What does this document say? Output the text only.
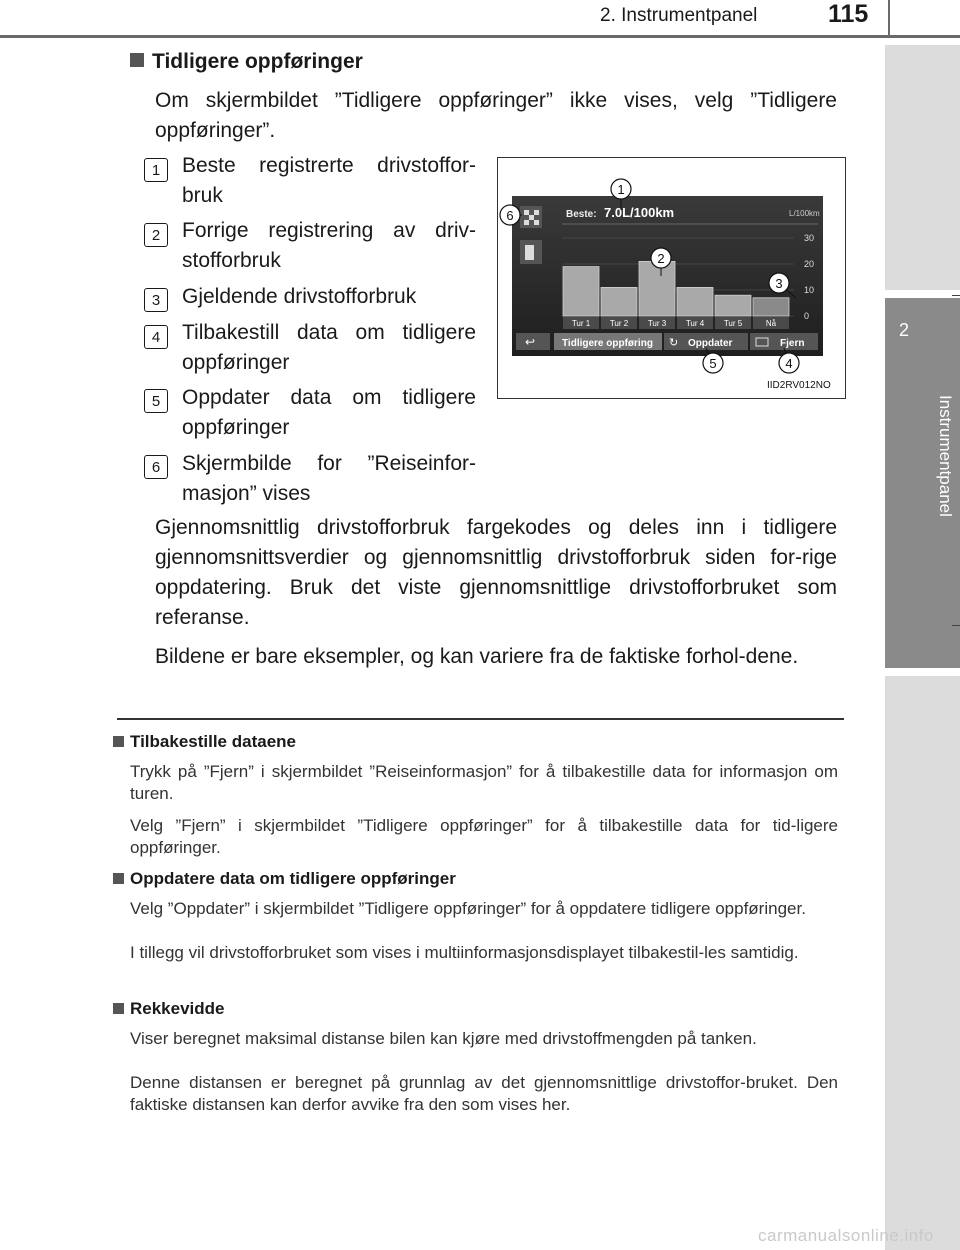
2. Instrumentpanel	115
2
Instrumentpanel
Tidligere oppføringer
Om skjermbildet ”Tidligere oppføringer” ikke vises, velg ”Tidligere oppføringer”.
1	Beste registrerte drivstoffor-bruk
2	Forrige registrering av driv-stofforbruk
3	Gjeldende drivstofforbruk
4	Tilbakestill data om tidligere oppføringer
5	Oppdater data om tidligere oppføringer
6	Skjermbilde for ”Reiseinfor-masjon” vises
Beste: 7.0L/100km	L/100km
30
20
10
0
Tur 1 Tur 2 Tur 3 Tur 4 Tur 5	Nå
↩	Tidligere oppføring ↻ Oppdater	Fjern
1
2
3
4
5
6
IID2RV012NO
Gjennomsnittlig drivstofforbruk fargekodes og deles inn i tidligere gjennomsnittsverdier og gjennomsnittlig drivstofforbruk siden for-rige oppdatering. Bruk det viste gjennomsnittlige drivstofforbruket som referanse.
Bildene er bare eksempler, og kan variere fra de faktiske forhol-dene.
Tilbakestille dataene
Trykk på ”Fjern” i skjermbildet ”Reiseinformasjon” for å tilbakestille data for informasjon om turen.
Velg ”Fjern” i skjermbildet ”Tidligere oppføringer” for å tilbakestille data for tid-ligere oppføringer.
Oppdatere data om tidligere oppføringer
Velg ”Oppdater” i skjermbildet ”Tidligere oppføringer” for å oppdatere tidligere oppføringer.
I tillegg vil drivstofforbruket som vises i multiinformasjonsdisplayet tilbakestil-les samtidig.
Rekkevidde
Viser beregnet maksimal distanse bilen kan kjøre med drivstoffmengden på tanken.
Denne distansen er beregnet på grunnlag av det gjennomsnittlige drivstoffor-bruket. Den faktiske distansen kan derfor avvike fra den som vises her.
carmanualsonline.info
